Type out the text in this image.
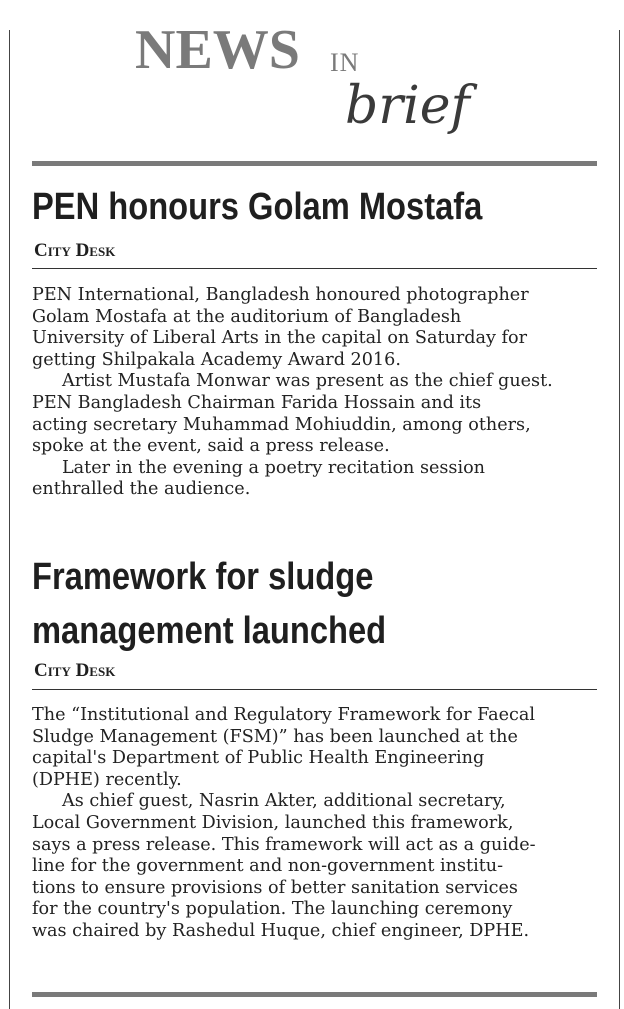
NEWS IN
brief
PEN honours Golam Mostafa
City Desk

PEN International, Bangladesh honoured photographer
Golam Mostafa at the auditorium of Bangladesh
University of Liberal Arts in the capital on Saturday for
getting Shilpakala Academy Award 2016.

Artist Mustafa Monwar was present as the chief guest.
PEN Bangladesh Chairman Farida Hossain and its
acting secretary Muhammad Mohiuddin, among others,
spoke at the event, said a press release.

Later in the evening a poetry recitation session
enthralled the audience.

Framework for sludge
management launched
City Desk

The “Institutional and Regulatory Framework for Faecal
Sludge Management (FSM)” has been launched at the
capital's Department of Public Health Engineering
(DPHE) recently.

As chief guest, Nasrin Akter, additional secretary,
Local Government Division, launched this framework,
says a press release. This framework will act as a guide-
line for the government and non-government institu-
tions to ensure provisions of better sanitation services
for the country's population. The launching ceremony
was chaired by Rashedul Huque, chief engineer, DPHE.
